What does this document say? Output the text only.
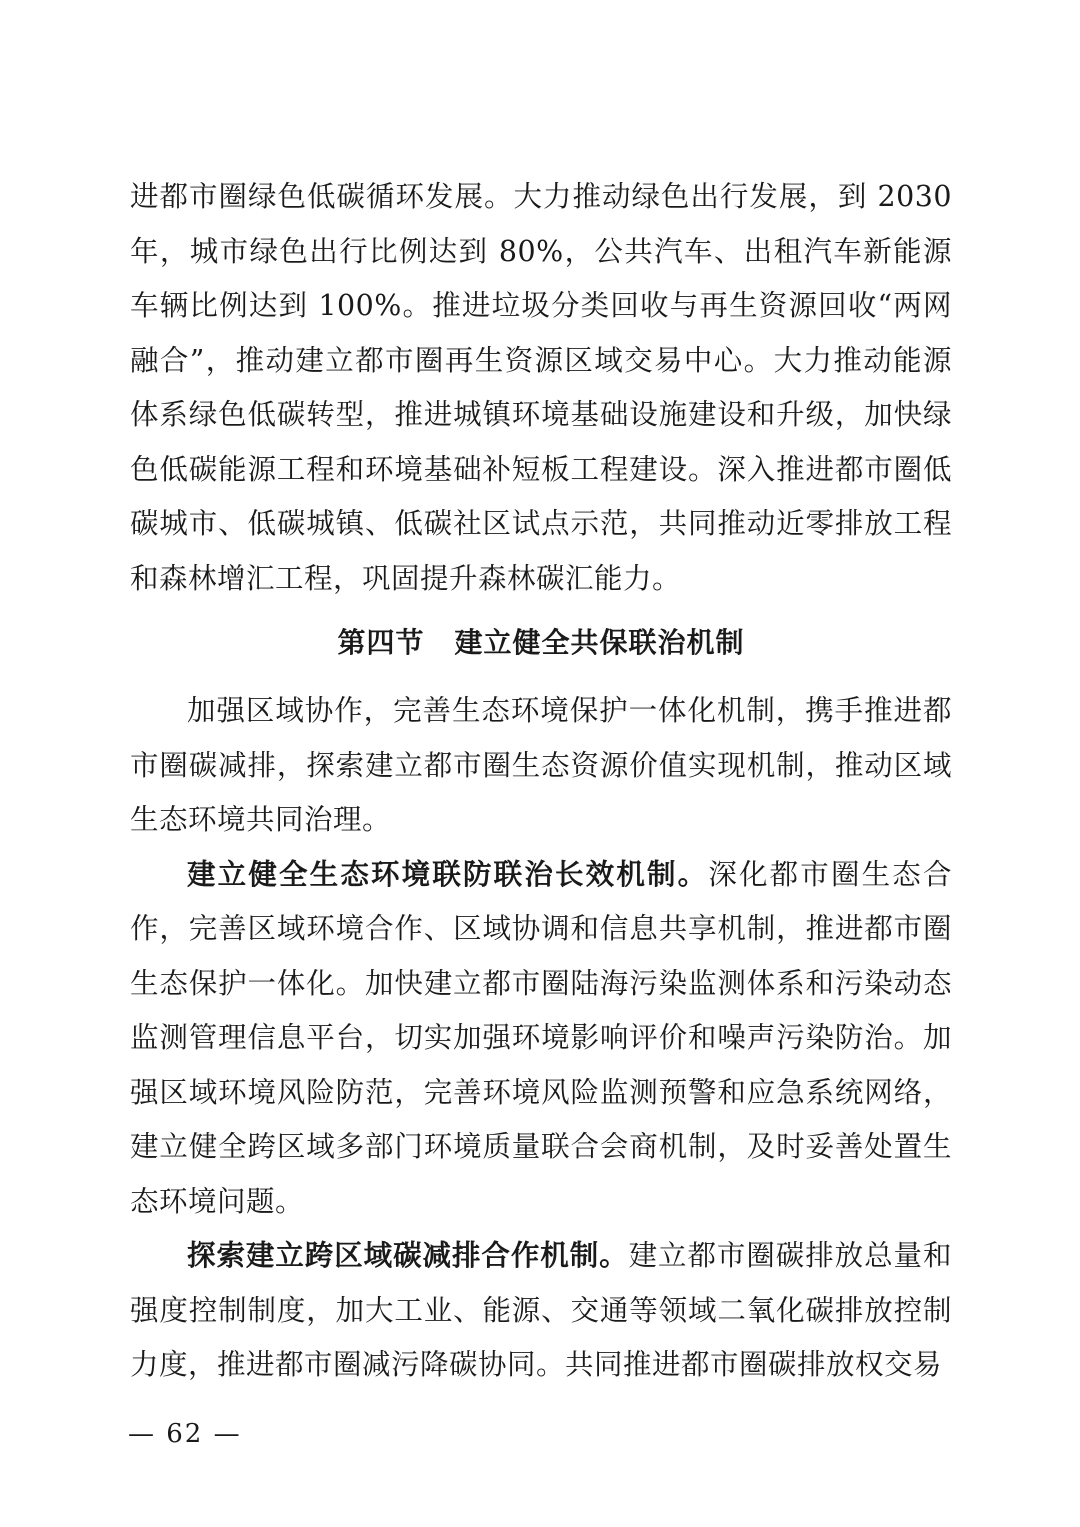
进都市圈绿色低碳循环发展。大力推动绿色出行发展，到 2030 年，城市绿色出行比例达到 80%，公共汽车、出租汽车新能源车辆比例达到 100%。推进垃圾分类回收与再生资源回收“两网融合”，推动建立都市圈再生资源区域交易中心。大力推动能源体系绿色低碳转型，推进城镇环境基础设施建设和升级，加快绿色低碳能源工程和环境基础补短板工程建设。深入推进都市圈低碳城市、低碳城镇、低碳社区试点示范，共同推动近零排放工程和森林增汇工程，巩固提升森林碳汇能力。

第四节 建立健全共保联治机制

加强区域协作，完善生态环境保护一体化机制，携手推进都市圈碳减排，探索建立都市圈生态资源价值实现机制，推动区域生态环境共同治理。

建立健全生态环境联防联治长效机制。深化都市圈生态合作，完善区域环境合作、区域协调和信息共享机制，推进都市圈生态保护一体化。加快建立都市圈陆海污染监测体系和污染动态监测管理信息平台，切实加强环境影响评价和噪声污染防治。加强区域环境风险防范，完善环境风险监测预警和应急系统网络，建立健全跨区域多部门环境质量联合会商机制，及时妥善处置生态环境问题。

探索建立跨区域碳减排合作机制。建立都市圈碳排放总量和强度控制制度，加大工业、能源、交通等领域二氧化碳排放控制力度，推进都市圈减污降碳协同。共同推进都市圈碳排放权交易

— 62 —
